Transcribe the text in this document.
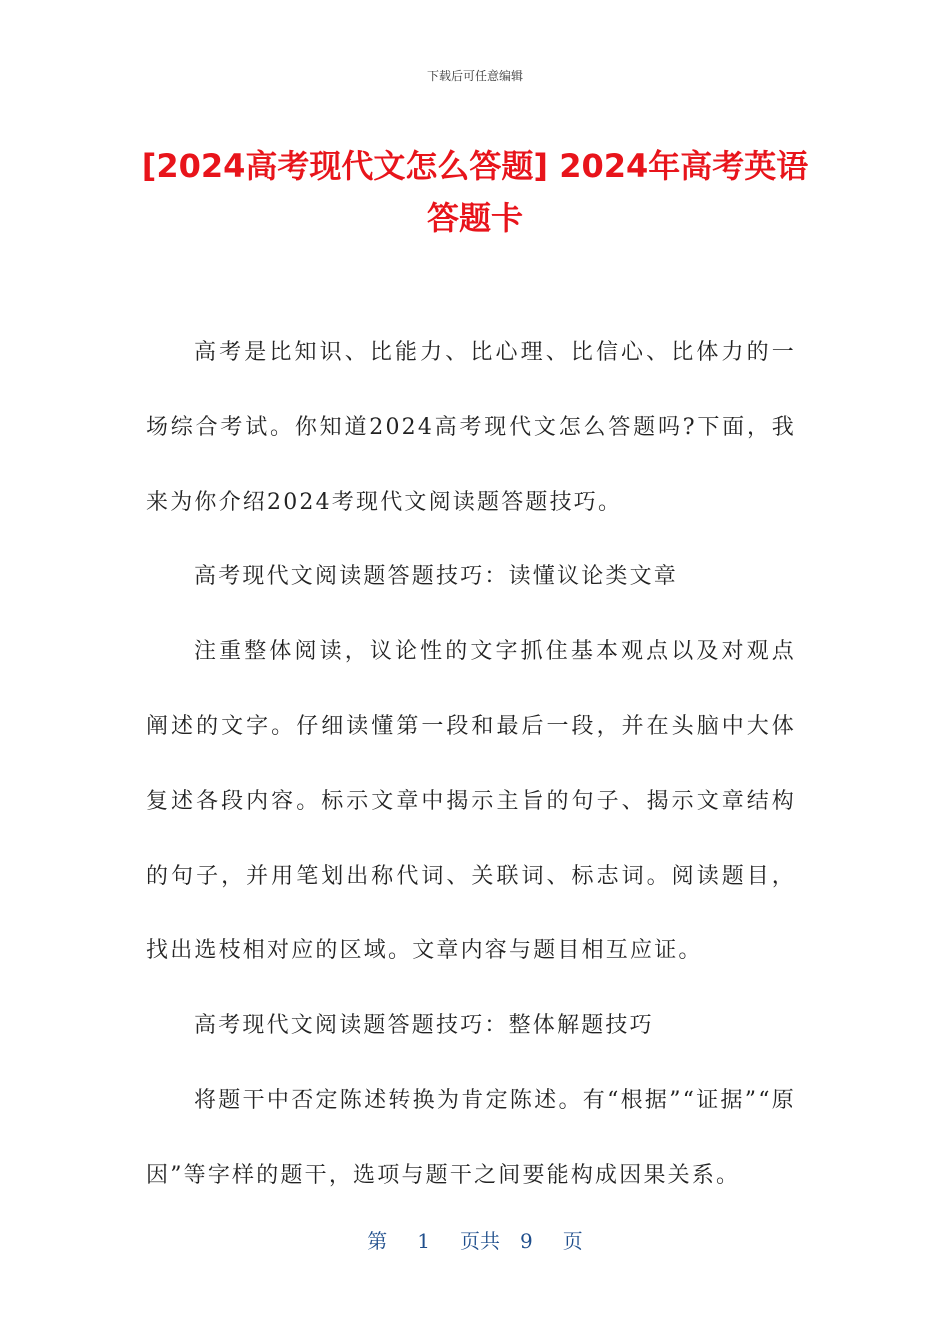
下载后可任意编辑
[2024高考现代文怎么答题] 2024年高考英语答题卡

高考是比知识、比能力、比心理、比信心、比体力的一场综合考试。你知道2024高考现代文怎么答题吗?下面，我来为你介绍2024考现代文阅读题答题技巧。

高考现代文阅读题答题技巧：读懂议论类文章

注重整体阅读，议论性的文字抓住基本观点以及对观点阐述的文字。仔细读懂第一段和最后一段，并在头脑中大体复述各段内容。标示文章中揭示主旨的句子、揭示文章结构的句子，并用笔划出称代词、关联词、标志词。阅读题目，找出选枝相对应的区域。文章内容与题目相互应证。

高考现代文阅读题答题技巧：整体解题技巧

将题干中否定陈述转换为肯定陈述。有“根据”“证据”“原因”等字样的题干，选项与题干之间要能构成因果关系。

第 1 页共 9 页
